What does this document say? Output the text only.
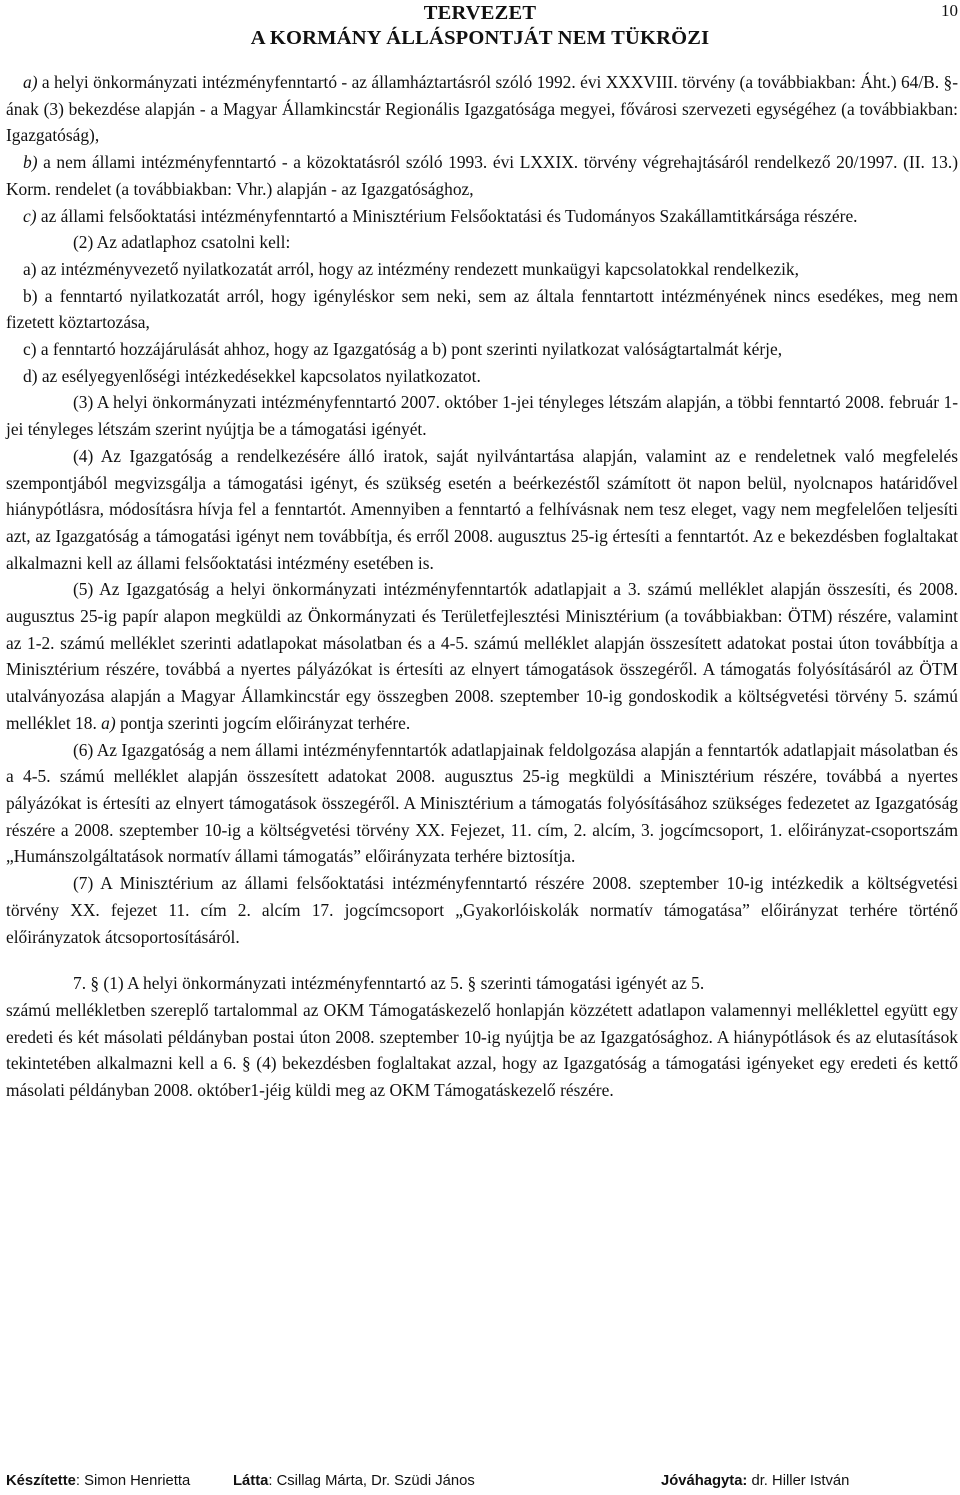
TERVEZET
A KORMÁNY ÁLLÁSPONTJÁT NEM TÜKRÖZI
10

a) a helyi önkormányzati intézményfenntartó - az államháztartásról szóló 1992. évi XXXVIII. törvény (a továbbiakban: Áht.) 64/B. §-ának (3) bekezdése alapján - a Magyar Államkincstár Regionális Igazgatósága megyei, fővárosi szervezeti egységéhez (a továbbiakban: Igazgatóság),

b) a nem állami intézményfenntartó - a közoktatásról szóló 1993. évi LXXIX. törvény végrehajtásáról rendelkező 20/1997. (II. 13.) Korm. rendelet (a továbbiakban: Vhr.) alapján - az Igazgatósághoz,

c) az állami felsőoktatási intézményfenntartó a Minisztérium Felsőoktatási és Tudományos Szakállamtitkársága részére.

(2) Az adatlaphoz csatolni kell:

a) az intézményvezető nyilatkozatát arról, hogy az intézmény rendezett munkaügyi kapcsolatokkal rendelkezik,

b) a fenntartó nyilatkozatát arról, hogy igényléskor sem neki, sem az általa fenntartott intézményének nincs esedékes, meg nem fizetett köztartozása,

c) a fenntartó hozzájárulását ahhoz, hogy az Igazgatóság a b) pont szerinti nyilatkozat valóságtartalmát kérje,

d) az esélyegyenlőségi intézkedésekkel kapcsolatos nyilatkozatot.

(3) A helyi önkormányzati intézményfenntartó 2007. október 1-jei tényleges létszám alapján, a többi fenntartó 2008. február 1-jei tényleges létszám szerint nyújtja be a támogatási igényét.

(4) Az Igazgatóság a rendelkezésére álló iratok, saját nyilvántartása alapján, valamint az e rendeletnek való megfelelés szempontjából megvizsgálja a támogatási igényt, és szükség esetén a beérkezéstől számított öt napon belül, nyolcnapos határidővel hiánypótlásra, módosításra hívja fel a fenntartót. Amennyiben a fenntartó a felhívásnak nem tesz eleget, vagy nem megfelelően teljesíti azt, az Igazgatóság a támogatási igényt nem továbbítja, és erről 2008. augusztus 25-ig értesíti a fenntartót. Az e bekezdésben foglaltakat alkalmazni kell az állami felsőoktatási intézmény esetében is.

(5) Az Igazgatóság a helyi önkormányzati intézményfenntartók adatlapjait a 3. számú melléklet alapján összesíti, és 2008. augusztus 25-ig papír alapon megküldi az Önkormányzati és Területfejlesztési Minisztérium (a továbbiakban: ÖTM) részére, valamint az 1-2. számú melléklet szerinti adatlapokat másolatban és a 4-5. számú melléklet alapján összesített adatokat postai úton továbbítja a Minisztérium részére, továbbá a nyertes pályázókat is értesíti az elnyert támogatások összegéről. A támogatás folyósításáról az ÖTM utalványozása alapján a Magyar Államkincstár egy összegben 2008. szeptember 10-ig gondoskodik a költségvetési törvény 5. számú melléklet 18. a) pontja szerinti jogcím előirányzat terhére.

(6) Az Igazgatóság a nem állami intézményfenntartók adatlapjainak feldolgozása alapján a fenntartók adatlapjait másolatban és a 4-5. számú melléklet alapján összesített adatokat 2008. augusztus 25-ig megküldi a Minisztérium részére, továbbá a nyertes pályázókat is értesíti az elnyert támogatások összegéről. A Minisztérium a támogatás folyósításához szükséges fedezetet az Igazgatóság részére a 2008. szeptember 10-ig a költségvetési törvény XX. Fejezet, 11. cím, 2. alcím, 3. jogcímcsoport, 1. előirányzat-csoportszám „Humánszolgáltatások normatív állami támogatás” előirányzata terhére biztosítja.

(7) A Minisztérium az állami felsőoktatási intézményfenntartó részére 2008. szeptember 10-ig intézkedik a költségvetési törvény XX. fejezet 11. cím 2. alcím 17. jogcímcsoport „Gyakorlóiskolák normatív támogatása” előirányzat terhére történő előirányzatok átcsoportosításáról.

7. § (1) A helyi önkormányzati intézményfenntartó az 5. § szerinti támogatási igényét az 5.

számú mellékletben szereplő tartalommal az OKM Támogatáskezelő honlapján közzétett adatlapon valamennyi melléklettel együtt egy eredeti és két másolati példányban postai úton 2008. szeptember 10-ig nyújtja be az Igazgatósághoz. A hiánypótlások és az elutasítások tekintetében alkalmazni kell a 6. § (4) bekezdésben foglaltakat azzal, hogy az Igazgatóság a támogatási igényeket egy eredeti és kettő másolati példányban 2008. október1-jéig küldi meg az OKM Támogatáskezelő részére.

Készítette: Simon Henrietta	Látta: Csillag Márta, Dr. Szüdi János	Jóváhagyta: dr. Hiller István
